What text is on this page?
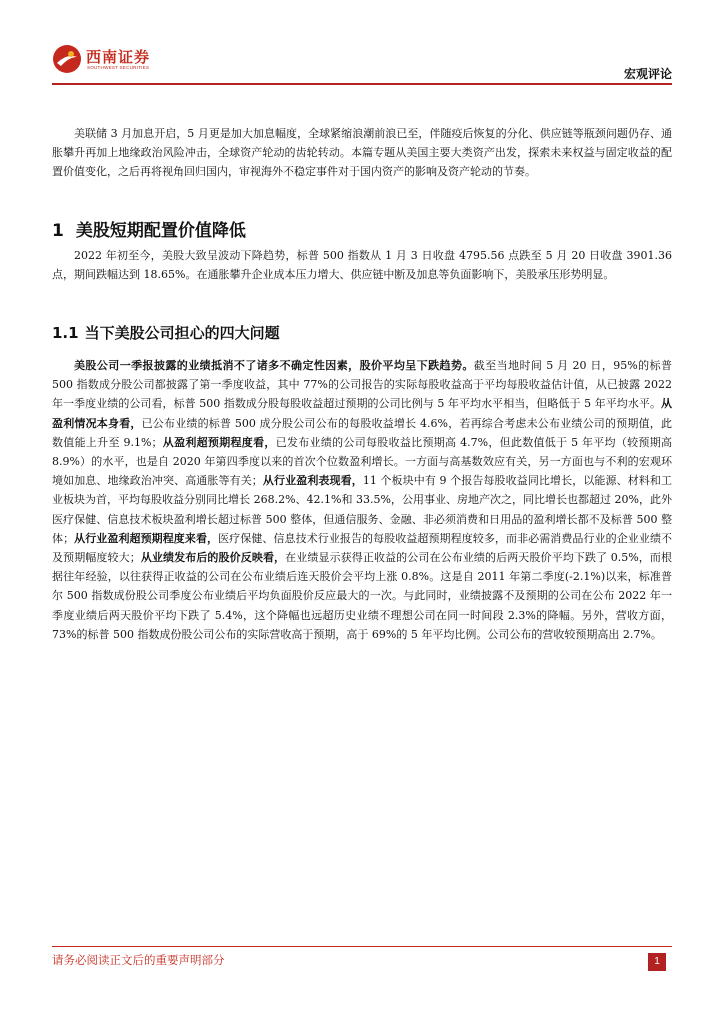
西南证券
SOUTHWEST SECURITIES	宏观评论

美联储 3 月加息开启，5 月更是加大加息幅度，全球紧缩浪潮前浪已至，伴随疫后恢复的分化、供应链等瓶颈问题仍存、通胀攀升再加上地缘政治风险冲击，全球资产轮动的齿轮转动。本篇专题从美国主要大类资产出发，探索未来权益与固定收益的配置价值变化，之后再将视角回归国内，审视海外不稳定事件对于国内资产的影响及资产轮动的节奏。

1 美股短期配置价值降低

2022 年初至今，美股大致呈波动下降趋势，标普 500 指数从 1 月 3 日收盘 4795.56 点跌至 5 月 20 日收盘 3901.36 点，期间跌幅达到 18.65%。在通胀攀升企业成本压力增大、供应链中断及加息等负面影响下，美股承压形势明显。

1.1 当下美股公司担心的四大问题

美股公司一季报披露的业绩抵消不了诸多不确定性因素，股价平均呈下跌趋势。截至当地时间 5 月 20 日，95%的标普 500 指数成分股公司都披露了第一季度收益，其中 77%的公司报告的实际每股收益高于平均每股收益估计值，从已披露 2022 年一季度业绩的公司看，标普 500 指数成分股每股收益超过预期的公司比例与 5 年平均水平相当，但略低于 5 年平均水平。从盈利情况本身看，已公布业绩的标普 500 成分股公司公布的每股收益增长 4.6%，若再综合考虑未公布业绩公司的预期值，此数值能上升至 9.1%；从盈利超预期程度看，已发布业绩的公司每股收益比预期高 4.7%，但此数值低于 5 年平均（较预期高 8.9%）的水平，也是自 2020 年第四季度以来的首次个位数盈利增长。一方面与高基数效应有关，另一方面也与不利的宏观环境如加息、地缘政治冲突、高通胀等有关；从行业盈利表现看，11 个板块中有 9 个报告每股收益同比增长，以能源、材料和工业板块为首，平均每股收益分别同比增长 268.2%、42.1%和 33.5%，公用事业、房地产次之，同比增长也都超过 20%，此外医疗保健、信息技术板块盈利增长超过标普 500 整体，但通信服务、金融、非必须消费和日用品的盈利增长都不及标普 500 整体；从行业盈利超预期程度来看，医疗保健、信息技术行业报告的每股收益超预期程度较多，而非必需消费品行业的企业业绩不及预期幅度较大；从业绩发布后的股价反映看，在业绩显示获得正收益的公司在公布业绩的后两天股价平均下跌了 0.5%，而根据往年经验，以往获得正收益的公司在公布业绩后连天股价会平均上涨 0.8%。这是自 2011 年第二季度(-2.1%)以来，标准普尔 500 指数成份股公司季度公布业绩后平均负面股价反应最大的一次。与此同时，业绩披露不及预期的公司在公布 2022 年一季度业绩后两天股价平均下跌了 5.4%，这个降幅也远超历史业绩不理想公司在同一时间段 2.3%的降幅。另外，营收方面，73%的标普 500 指数成份股公司公布的实际营收高于预期，高于 69%的 5 年平均比例。公司公布的营收较预期高出 2.7%。

请务必阅读正文后的重要声明部分	1
